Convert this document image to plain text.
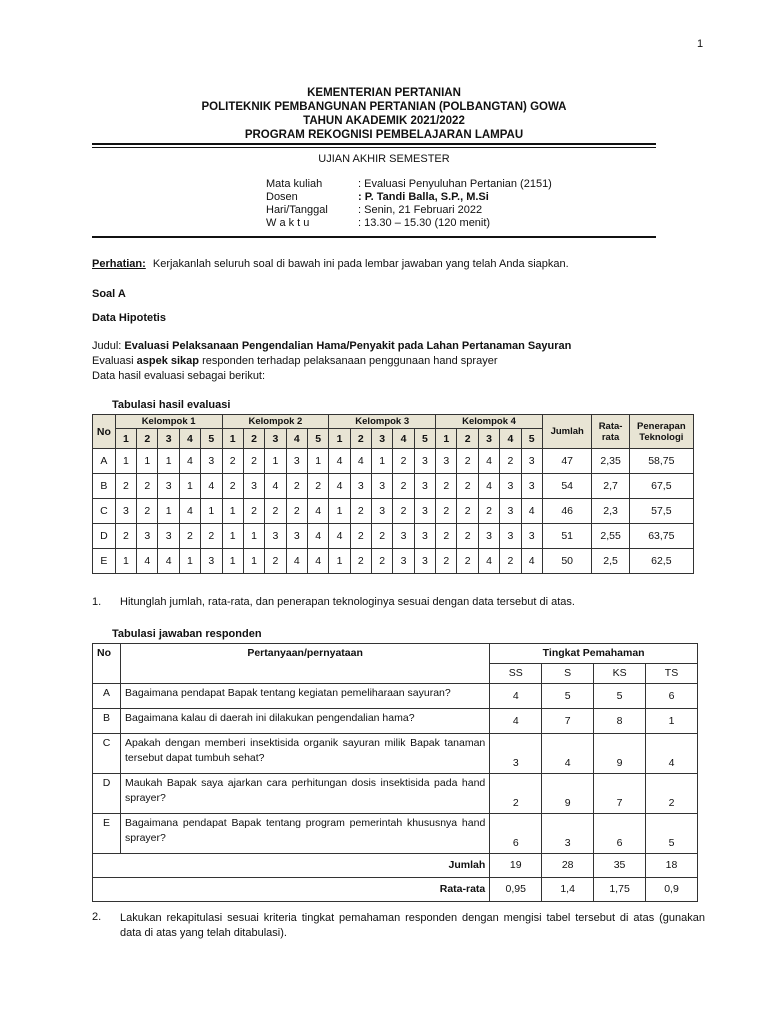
1
KEMENTERIAN PERTANIAN
POLITEKNIK PEMBANGUNAN PERTANIAN (POLBANGTAN) GOWA
TAHUN AKADEMIK 2021/2022
PROGRAM REKOGNISI PEMBELAJARAN LAMPAU
UJIAN AKHIR SEMESTER
Mata kuliah	: Evaluasi Penyuluhan Pertanian (2151)
Dosen	: P. Tandi Balla, S.P., M.Si
Hari/Tanggal	: Senin, 21 Februari 2022
W a k t u	: 13.30 – 15.30 (120 menit)
Perhatian: Kerjakanlah seluruh soal di bawah ini pada lembar jawaban yang telah Anda siapkan.
Soal A
Data Hipotetis
Judul: Evaluasi Pelaksanaan Pengendalian Hama/Penyakit pada Lahan Pertanaman Sayuran
Evaluasi aspek sikap responden terhadap pelaksanaan penggunaan hand sprayer
Data hasil evaluasi sebagai berikut:
Tabulasi hasil evaluasi
No	Kelompok 1					Kelompok 2					Kelompok 3					Kelompok 4					Jumlah	Rata-rata	Penerapan Teknologi
	1	2	3	4	5	1	2	3	4	5	1	2	3	4	5	1	2	3	4	5			
A	1	1	1	4	3	2	2	1	3	1	4	4	1	2	3	3	2	4	2	3	47	2,35	58,75
B	2	2	3	1	4	2	3	4	2	2	4	3	3	2	3	2	2	4	3	3	54	2,7	67,5
C	3	2	1	4	1	1	2	2	2	4	1	2	3	2	3	2	2	2	3	4	46	2,3	57,5
D	2	3	3	2	2	1	1	3	3	4	4	2	2	3	3	2	2	3	3	3	51	2,55	63,75
E	1	4	4	1	3	1	1	2	4	4	1	2	2	3	3	2	2	4	2	4	50	2,5	62,5
1. Hitunglah jumlah, rata-rata, dan penerapan teknologinya sesuai dengan data tersebut di atas.
Tabulasi jawaban responden
No	Pertanyaan/pernyataan	Tingkat Pemahaman			
		SS	S	KS	TS
A	Bagaimana pendapat Bapak tentang kegiatan pemeliharaan sayuran?	4	5	5	6
B	Bagaimana kalau di daerah ini dilakukan pengendalian hama?	4	7	8	1
C	Apakah dengan memberi insektisida organik sayuran milik Bapak tanaman tersebut dapat tumbuh sehat?	3	4	9	4
D	Maukah Bapak saya ajarkan cara perhitungan dosis insektisida pada hand sprayer?	2	9	7	2
E	Bagaimana pendapat Bapak tentang program pemerintah khususnya hand sprayer?	6	3	6	5
Jumlah		19	28	35	18
Rata-rata		0,95	1,4	1,75	0,9
2. Lakukan rekapitulasi sesuai kriteria tingkat pemahaman responden dengan mengisi tabel tersebut di atas (gunakan data di atas yang telah ditabulasi).
